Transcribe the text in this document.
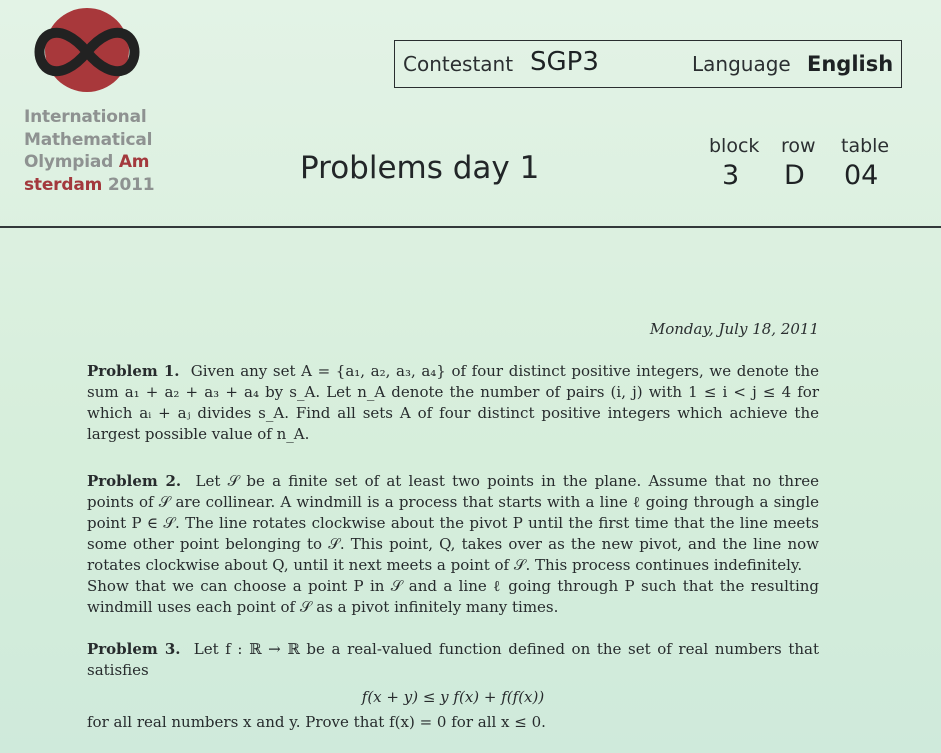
International
Mathematical
Olympiad Am
sterdam 2011
Contestant SGP3	Language English
Problems day 1
block row table
3 D 04
Monday, July 18, 2011
Problem 1. Given any set A = {a₁, a₂, a₃, a₄} of four distinct positive integers, we denote the sum a₁ + a₂ + a₃ + a₄ by s_A. Let n_A denote the number of pairs (i, j) with 1 ≤ i < j ≤ 4 for which aᵢ + aⱼ divides s_A. Find all sets A of four distinct positive integers which achieve the largest possible value of n_A.
Problem 2. Let 𝒮 be a finite set of at least two points in the plane. Assume that no three points of 𝒮 are collinear. A windmill is a process that starts with a line ℓ going through a single point P ∈ 𝒮. The line rotates clockwise about the pivot P until the first time that the line meets some other point belonging to 𝒮. This point, Q, takes over as the new pivot, and the line now rotates clockwise about Q, until it next meets a point of 𝒮. This process continues indefinitely.
Show that we can choose a point P in 𝒮 and a line ℓ going through P such that the resulting windmill uses each point of 𝒮 as a pivot infinitely many times.
Problem 3. Let f : ℝ → ℝ be a real-valued function defined on the set of real numbers that satisfies
f(x + y) ≤ y f(x) + f(f(x))
for all real numbers x and y. Prove that f(x) = 0 for all x ≤ 0.
